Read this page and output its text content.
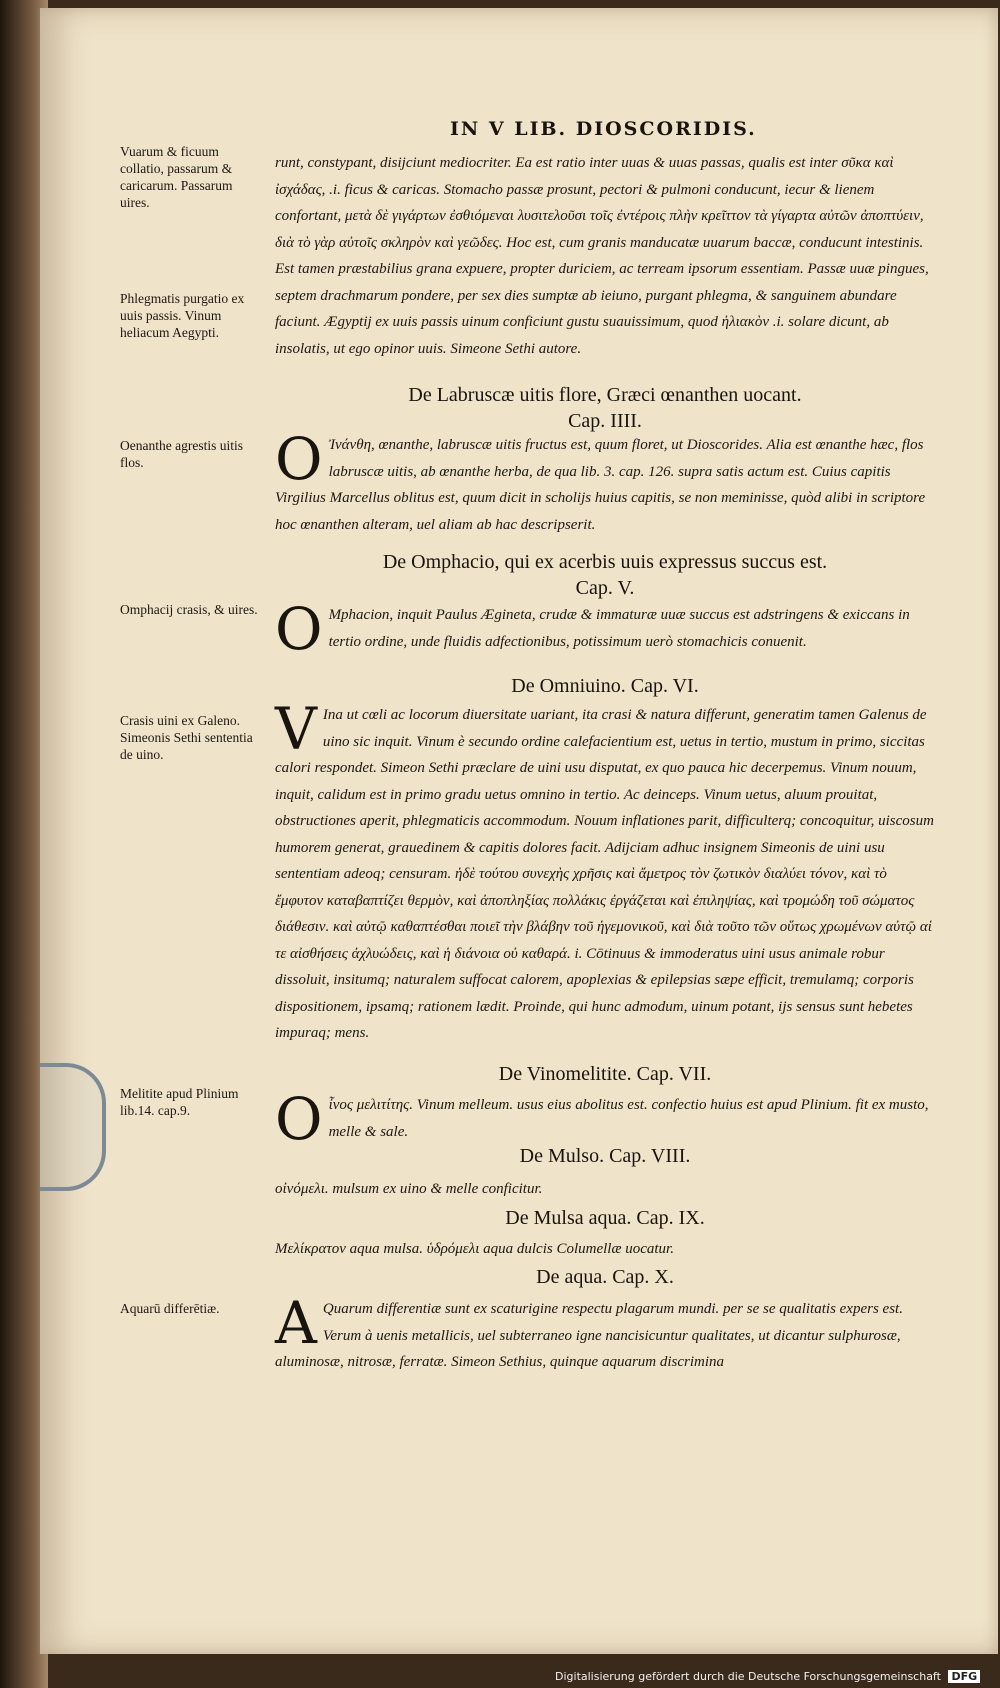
IN V LIB. DIOSCORIDIS.
Vuarum & ficuum collatio, passarum & caricarum. Passarum uires.
Phlegmatis purgatio ex uuis passis. Vinum heliacum Aegypti.
Oenanthe agrestis uitis flos.
Omphacij crasis, & uires.
Crasis uini ex Galeno. Simeonis Sethi sententia de uino.
Melitite apud Plinium lib.14. cap.9.
Aquarū differētiæ.
runt, constypant, disijciunt mediocriter. Ea est ratio inter uuas & uuas passas, qualis est inter σῦκα καὶ ἰσχάδας, .i. ficus & caricas. Stomacho passæ prosunt, pectori & pulmoni conducunt, iecur & lienem confortant, μετὰ δὲ γιγάρτων ἐσθιόμεναι λυσιτελοῦσι τοῖς ἐντέροις πλὴν κρεῖττον τὰ γίγαρτα αὐτῶν ἀποπτύειν, διὰ τὸ γὰρ αὐτοῖς σκληρὸν καὶ γεῶδες. Hoc est, cum granis manducatæ uuarum baccæ, conducunt intestinis. Est tamen præstabilius grana expuere, propter duriciem, ac terream ipsorum essentiam. Passæ uuæ pingues, septem drachmarum pondere, per sex dies sumptæ ab ieiuno, purgant phlegma, & sanguinem abundare faciunt. Ægyptij ex uuis passis uinum conficiunt gustu suauissimum, quod ἡλιακὸν .i. solare dicunt, ab insolatis, ut ego opinor uuis. Simeone Sethi autore.
De Labruscæ uitis flore, Græci œnanthen uocant.
Cap. IIII.
O Ἰνάνθη, œnanthe, labruscæ uitis fructus est, quum floret, ut Dioscorides. Alia est œnanthe hæc, flos labruscæ uitis, ab œnanthe herba, de qua lib. 3. cap. 126. supra satis actum est. Cuius capitis Virgilius Marcellus oblitus est, quum dicit in scholijs huius capitis, se non meminisse, quòd alibi in scriptore hoc œnanthen alteram, uel aliam ab hac descripserit.
De Omphacio, qui ex acerbis uuis expressus succus est.
Cap. V.
O Mphacion, inquit Paulus Ægineta, crudæ & immaturæ uuæ succus est adstringens & exiccans in tertio ordine, unde fluidis adfectionibus, potissimum uerò stomachicis conuenit.
De Omniuino. Cap. VI.
V Ina ut cœli ac locorum diuersitate uariant, ita crasi & natura differunt, generatim tamen Galenus de uino sic inquit. Vinum è secundo ordine calefacientium est, uetus in tertio, mustum in primo, siccitas calori respondet. Simeon Sethi præclare de uini usu disputat, ex quo pauca hic decerpemus. Vinum nouum, inquit, calidum est in primo gradu uetus omnino in tertio. Ac deinceps. Vinum uetus, aluum prouitat, obstructiones aperit, phlegmaticis accommodum. Nouum inflationes parit, difficulterq; concoquitur, uiscosum humorem generat, grauedinem & capitis dolores facit. Adijciam adhuc insignem Simeonis de uini usu sententiam adeoq; censuram. ἡδὲ τούτου συνεχὴς χρῆσις καὶ ἄμετρος τὸν ζωτικὸν διαλύει τόνον, καὶ τὸ ἔμφυτον καταβαπτίζει θερμὸν, καὶ ἀποπληξίας πολλάκις ἐργάζεται καὶ ἐπιληψίας, καὶ τρομώδη τοῦ σώματος διάθεσιν. καὶ αὐτῷ καθαπτέσθαι ποιεῖ τὴν βλάβην τοῦ ἡγεμονικοῦ, καὶ διὰ τοῦτο τῶν οὕτως χρωμένων αὐτῷ αἱ τε αἰσθήσεις ἀχλυώδεις, καὶ ἡ διάνοια οὐ καθαρά. i. Cōtinuus & immoderatus uini usus animale robur dissoluit, insitumq; naturalem suffocat calorem, apoplexias & epilepsias sæpe efficit, tremulamq; corporis dispositionem, ipsamq; rationem lædit. Proinde, qui hunc admodum, uinum potant, ijs sensus sunt hebetes impuraq; mens.
De Vinomelitite. Cap. VII.
O ἶνος μελιτίτης. Vinum melleum. usus eius abolitus est. confectio huius est apud Plinium. fit ex musto, melle & sale.
De Mulso. Cap. VIII.
οἰνόμελι. mulsum ex uino & melle conficitur.
De Mulsa aqua. Cap. IX.
Μελίκρατον aqua mulsa. ὑδρόμελι aqua dulcis Columellæ uocatur.
De aqua. Cap. X.
A Quarum differentiæ sunt ex scaturigine respectu plagarum mundi. per se se qualitatis expers est. Verum à uenis metallicis, uel subterraneo igne nancisicuntur qualitates, ut dicantur sulphurosæ, aluminosæ, nitrosæ, ferratæ. Simeon Sethius, quinque aquarum discrimina
Digitalisierung gefördert durch die Deutsche Forschungsgemeinschaft DFG
